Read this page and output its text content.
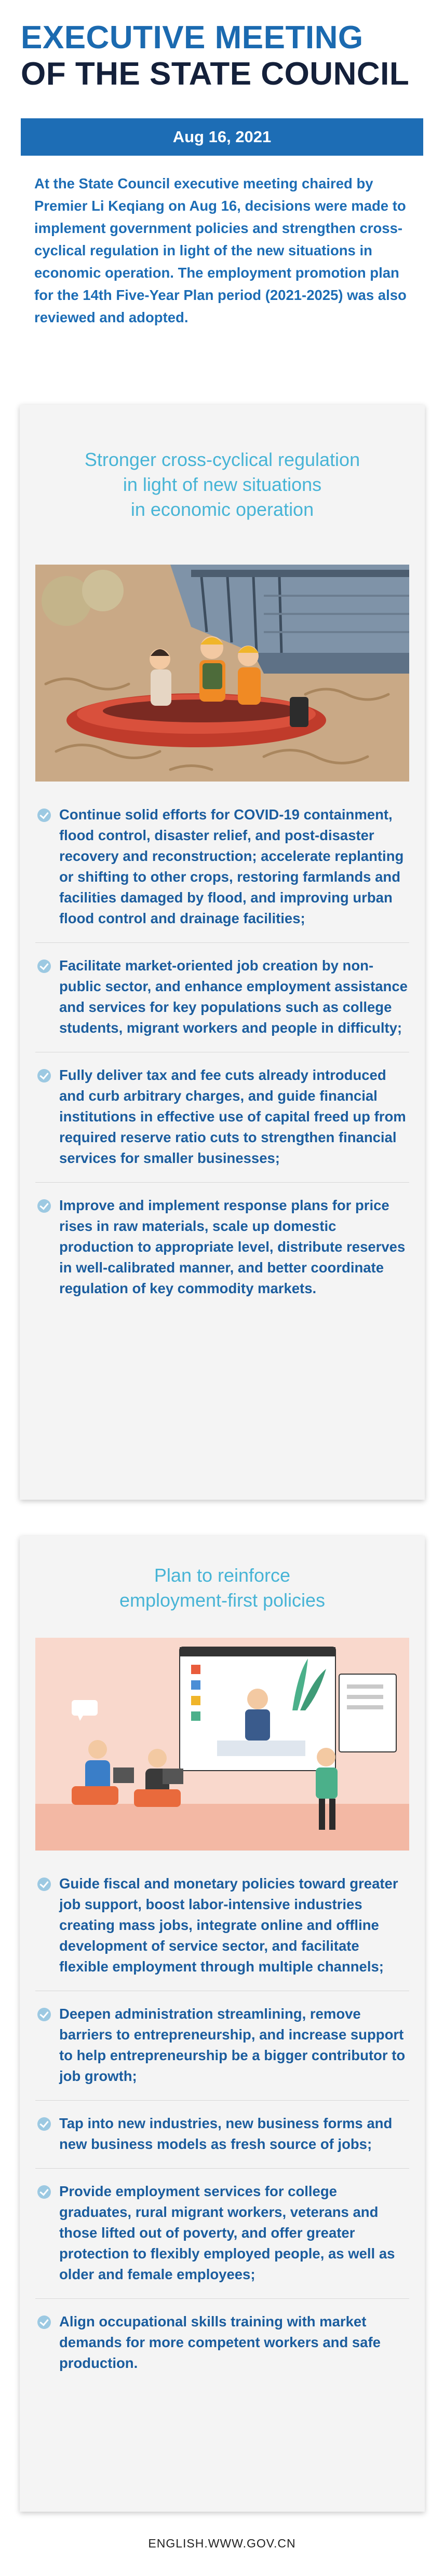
EXECUTIVE MEETING
OF THE STATE COUNCIL
Aug 16, 2021

At the State Council executive meeting chaired by Premier Li Keqiang on Aug 16, decisions were made to implement government policies and strengthen cross-cyclical regulation in light of the new situations in economic operation. The employment promotion plan for the 14th Five-Year Plan period (2021-2025) was also reviewed and adopted.

Stronger cross-cyclical regulation
in light of new situations
in economic operation
Continue solid efforts for COVID-19 containment, flood control, disaster relief, and post-disaster recovery and reconstruction; accelerate replanting or shifting to other crops, restoring farmlands and facilities damaged by flood, and improving urban flood control and drainage facilities;
Facilitate market-oriented job creation by non-public sector, and enhance employment assistance and services for key populations such as college students, migrant workers and people in difficulty;
Fully deliver tax and fee cuts already introduced and curb arbitrary charges, and guide financial institutions in effective use of capital freed up from required reserve ratio cuts to strengthen financial services for smaller businesses;
Improve and implement response plans for price rises in raw materials, scale up domestic production to appropriate level, distribute reserves in well-calibrated manner, and better coordinate regulation of key commodity markets.
Plan to reinforce
employment-first policies
Guide fiscal and monetary policies toward greater job support, boost labor-intensive industries creating mass jobs, integrate online and offline development of service sector, and facilitate flexible employment through multiple channels;
Deepen administration streamlining, remove barriers to entrepreneurship, and increase support to help entrepreneurship be a bigger contributor to job growth;
Tap into new industries, new business forms and new business models as fresh source of jobs;
Provide employment services for college graduates, rural migrant workers, veterans and those lifted out of poverty, and offer greater protection to flexibly employed people, as well as older and female employees;
Align occupational skills training with market demands for more competent workers and safe production.
ENGLISH.WWW.GOV.CN
